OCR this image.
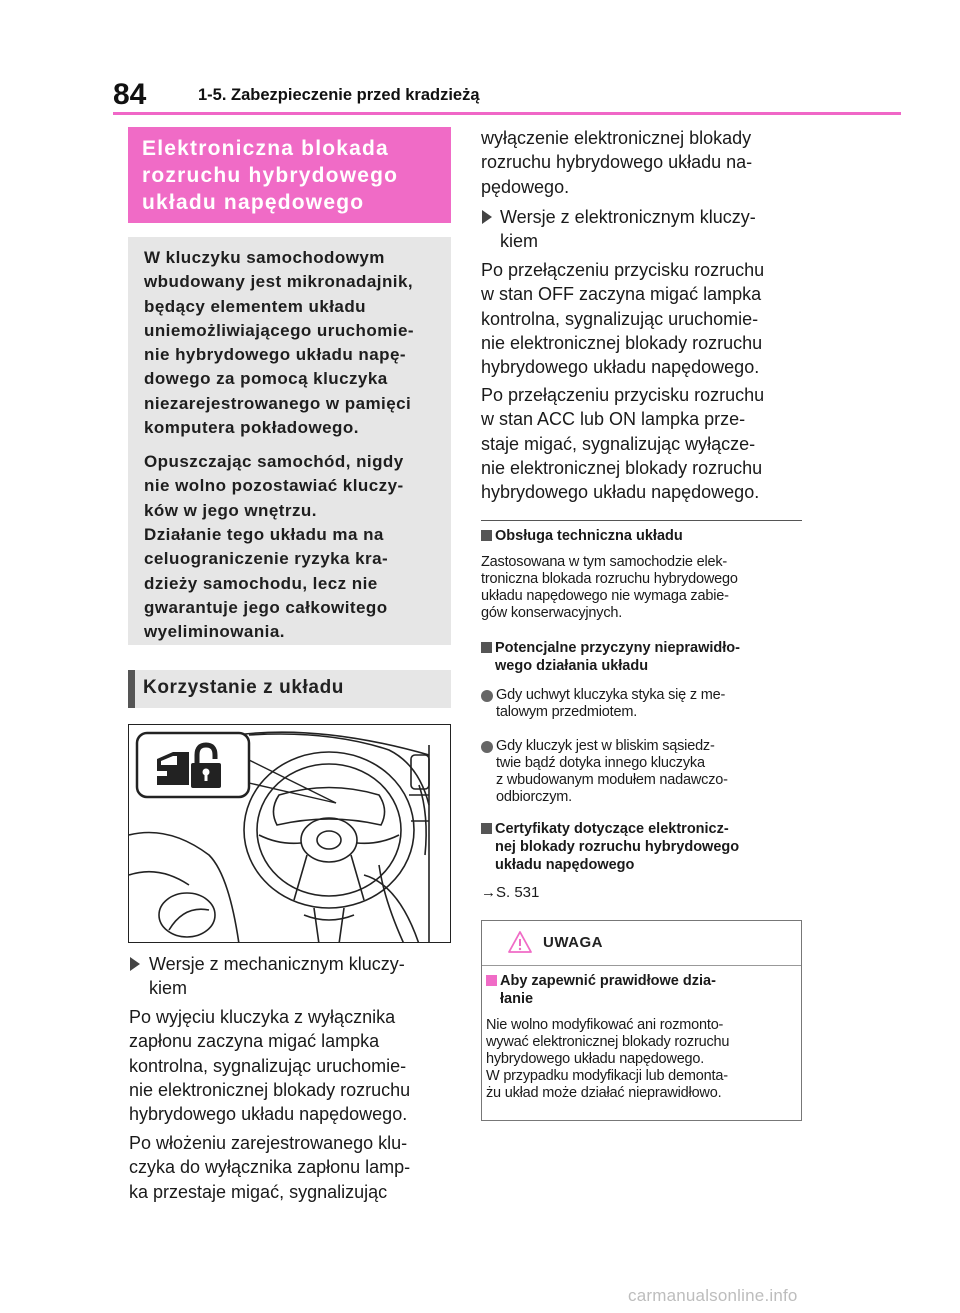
84	1-5. Zabezpieczenie przed kradzieżą
Elektroniczna blokada rozruchu hybrydowego układu napędowego
W kluczyku samochodowym
wbudowany jest mikronadajnik,
będący elementem układu
uniemożliwiającego uruchomie-
nie hybrydowego układu napę-
dowego za pomocą kluczyka
niezarejestrowanego w pamięci
komputera pokładowego.
Opuszczając samochód, nigdy
nie wolno pozostawiać kluczy-
ków w jego wnętrzu.
Działanie tego układu ma na
celuograniczenie ryzyka kra-
dzieży samochodu, lecz nie
gwarantuje jego całkowitego
wyeliminowania.
Korzystanie z układu
Wersje z mechanicznym kluczy-
kiem
Po wyjęciu kluczyka z wyłącznika
zapłonu zaczyna migać lampka
kontrolna, sygnalizując uruchomie-
nie elektronicznej blokady rozruchu
hybrydowego układu napędowego.
Po włożeniu zarejestrowanego klu-
czyka do wyłącznika zapłonu lamp-
ka przestaje migać, sygnalizując
wyłączenie elektronicznej blokady
rozruchu hybrydowego układu na-
pędowego.
Wersje z elektronicznym kluczy-
kiem
Po przełączeniu przycisku rozruchu
w stan OFF zaczyna migać lampka
kontrolna, sygnalizując uruchomie-
nie elektronicznej blokady rozruchu
hybrydowego układu napędowego.
Po przełączeniu przycisku rozruchu
w stan ACC lub ON lampka prze-
staje migać, sygnalizując wyłącze-
nie elektronicznej blokady rozruchu
hybrydowego układu napędowego.
Obsługa techniczna układu
Zastosowana w tym samochodzie elek-
troniczna blokada rozruchu hybrydowego
układu napędowego nie wymaga zabie-
gów konserwacyjnych.
Potencjalne przyczyny nieprawidło-
wego działania układu
Gdy uchwyt kluczyka styka się z me-
talowym przedmiotem.
Gdy kluczyk jest w bliskim sąsiedz-
twie bądź dotyka innego kluczyka
z wbudowanym modułem nadawczo-
odbiorczym.
Certyfikaty dotyczące elektronicz-
nej blokady rozruchu hybrydowego
układu napędowego
→S. 531
UWAGA
Aby zapewnić prawidłowe dzia-
łanie
Nie wolno modyfikować ani rozmonto-
wywać elektronicznej blokady rozruchu
hybrydowego układu napędowego.
W przypadku modyfikacji lub demonta-
żu układ może działać nieprawidłowo.
carmanualsonline.info
